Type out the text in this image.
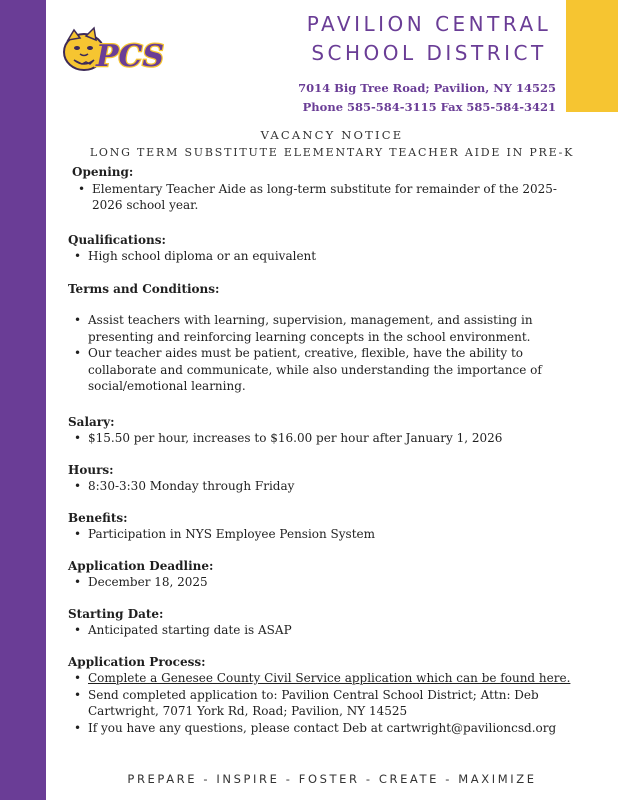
PCS
PAVILION CENTRAL
SCHOOL DISTRICT
7014 Big Tree Road; Pavilion, NY 14525
Phone 585-584-3115 Fax 585-584-3421
VACANCY NOTICE
LONG TERM SUBSTITUTE ELEMENTARY TEACHER AIDE IN PRE-K
Opening:
• Elementary Teacher Aide as long-term substitute for remainder of the 2025-2026 school year.
Qualifications:
• High school diploma or an equivalent
Terms and Conditions:
• Assist teachers with learning, supervision, management, and assisting in presenting and reinforcing learning concepts in the school environment.
• Our teacher aides must be patient, creative, flexible, have the ability to collaborate and communicate, while also understanding the importance of social/emotional learning.
Salary:
• $15.50 per hour, increases to $16.00 per hour after January 1, 2026
Hours:
• 8:30-3:30 Monday through Friday
Benefits:
• Participation in NYS Employee Pension System
Application Deadline:
• December 18, 2025
Starting Date:
• Anticipated starting date is ASAP
Application Process:
• Complete a Genesee County Civil Service application which can be found here.
• Send completed application to: Pavilion Central School District; Attn: Deb Cartwright, 7071 York Rd, Road; Pavilion, NY 14525
• If you have any questions, please contact Deb at cartwright@pavilioncsd.org
PREPARE - INSPIRE - FOSTER - CREATE - MAXIMIZE
